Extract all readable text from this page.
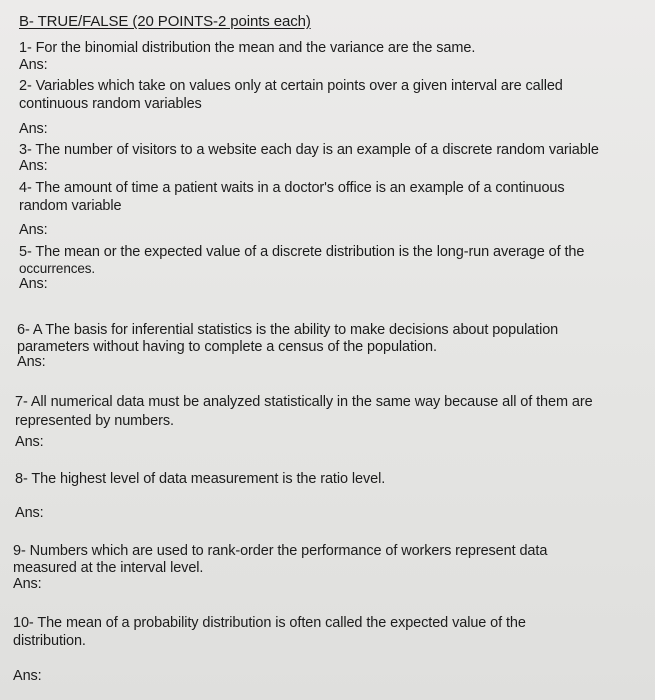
B- TRUE/FALSE (20 POINTS-2 points each)
1- For the binomial distribution the mean and the variance are the same.
Ans:
2- Variables which take on values only at certain points over a given interval are called
continuous random variables
Ans:
3- The number of visitors to a website each day is an example of a discrete random variable
Ans:
4- The amount of time a patient waits in a doctor's office is an example of a continuous
random variable
Ans:
5- The mean or the expected value of a discrete distribution is the long-run average of the
occurrences.
Ans:
6- A The basis for inferential statistics is the ability to make decisions about population
parameters without having to complete a census of the population.
Ans:
7- All numerical data must be analyzed statistically in the same way because all of them are
represented by numbers.
Ans:
8- The highest level of data measurement is the ratio level.
Ans:
9- Numbers which are used to rank-order the performance of workers represent data
measured at the interval level.
Ans:
10- The mean of a probability distribution is often called the expected value of the
distribution.
Ans:
